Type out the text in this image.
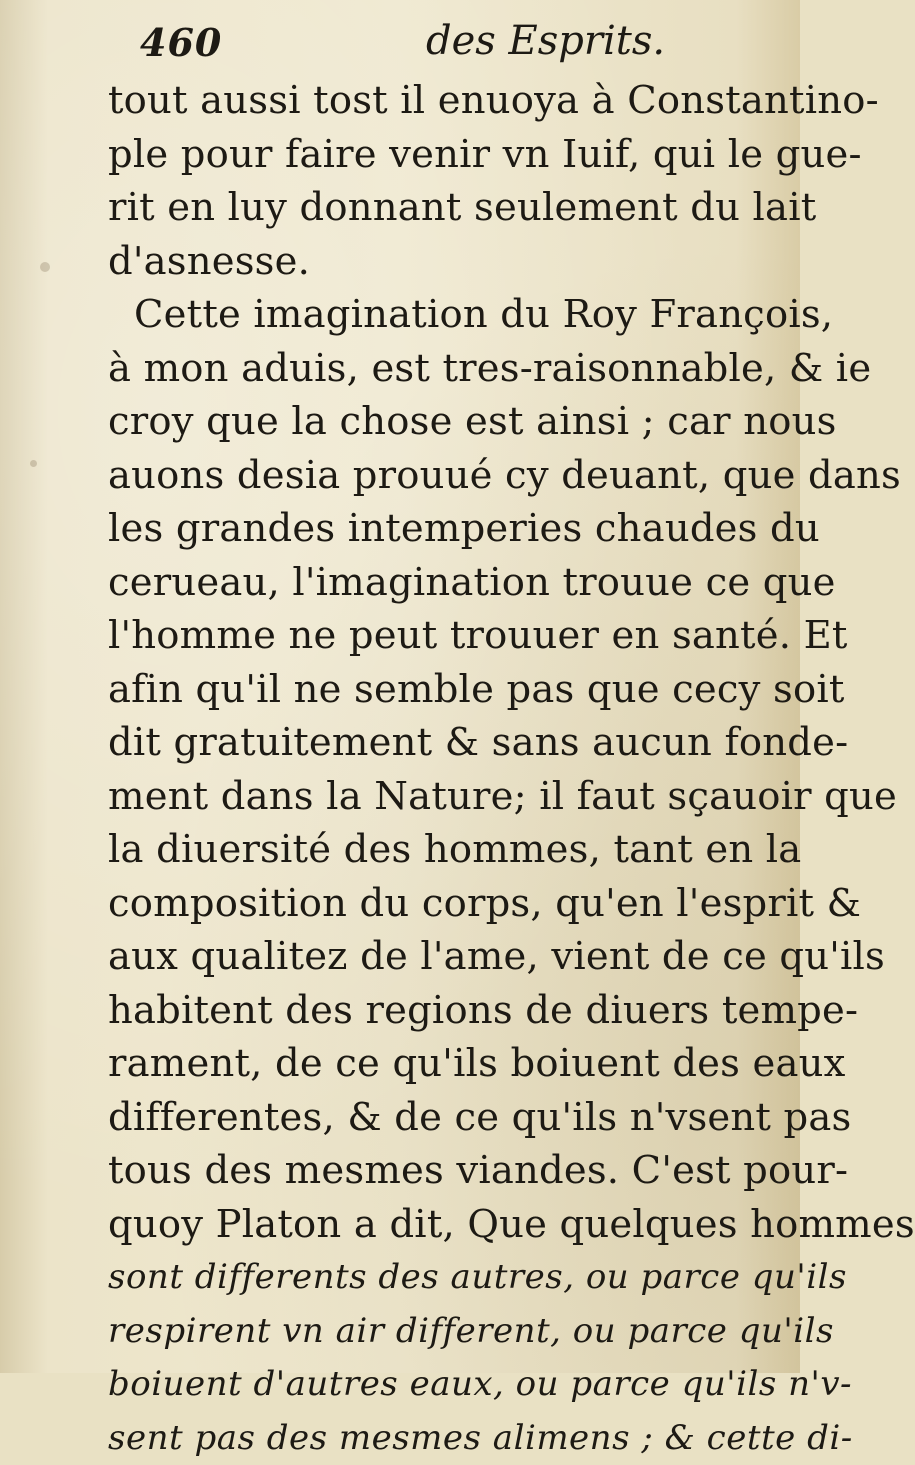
460	des Esprits.
tout aussi tost il enuoya à Constantino-
ple pour faire venir vn Iuif, qui le gue-
rit en luy donnant seulement du lait
d'asnesse.
Cette imagination du Roy François,
à mon aduis, est tres-raisonnable, & ie
croy que la chose est ainsi ; car nous
auons desia prouué cy deuant, que dans
les grandes intemperies chaudes du
cerueau, l'imagination trouue ce que
l'homme ne peut trouuer en santé. Et
afin qu'il ne semble pas que cecy soit
dit gratuitement & sans aucun fonde-
ment dans la Nature; il faut sçauoir que
la diuersité des hommes, tant en la
composition du corps, qu'en l'esprit &
aux qualitez de l'ame, vient de ce qu'ils
habitent des regions de diuers tempe-
rament, de ce qu'ils boiuent des eaux
differentes, & de ce qu'ils n'vsent pas
tous des mesmes viandes. C'est pour-
quoy Platon a dit, Que quelques hommes
sont differents des autres, ou parce qu'ils
respirent vn air different, ou parce qu'ils
boiuent d'autres eaux, ou parce qu'ils n'v-
sent pas des mesmes alimens ; & cette di-
